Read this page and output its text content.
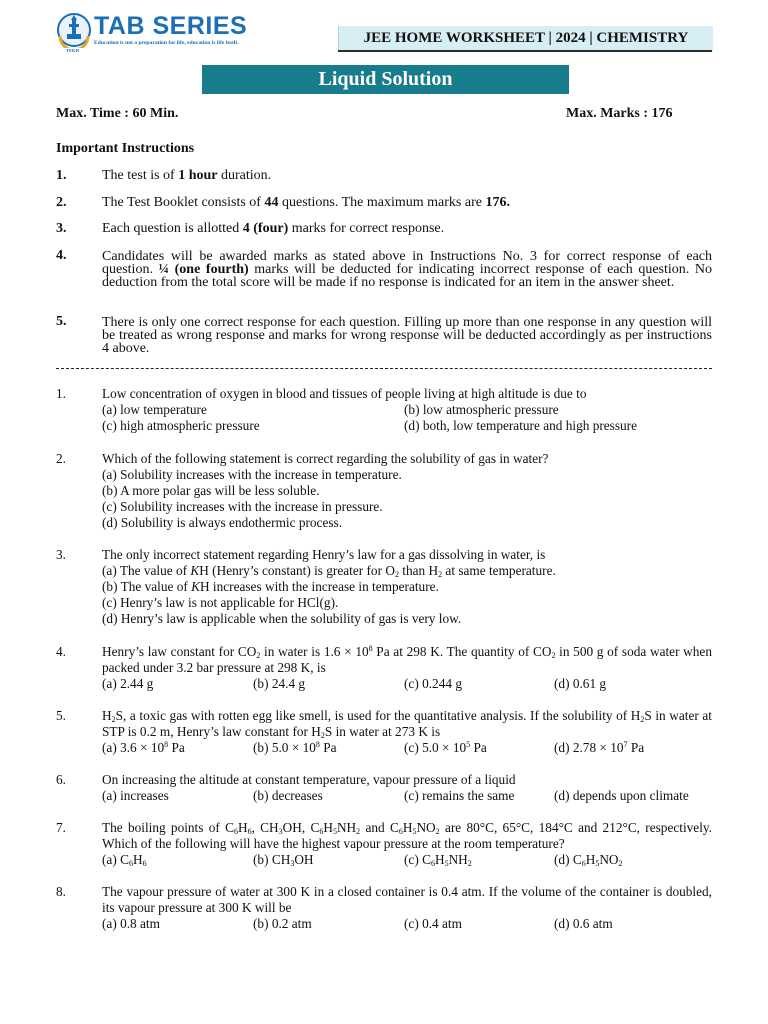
TAB SERIES
Education is not a preparation for life, education is life itself.
TEKH
JEE HOME WORKSHEET | 2024 | CHEMISTRY
Liquid Solution
Max. Time : 60 Min.	Max. Marks : 176
Important Instructions
1.	The test is of 1 hour duration.
2.	The Test Booklet consists of 44 questions. The maximum marks are 176.
3.	Each question is allotted 4 (four) marks for correct response.
4.	Candidates will be awarded marks as stated above in Instructions No. 3 for correct response of each question. ¼ (one fourth) marks will be deducted for indicating incorrect response of each question. No deduction from the total score will be made if no response is indicated for an item in the answer sheet.
5.	There is only one correct response for each question. Filling up more than one response in any question will be treated as wrong response and marks for wrong response will be deducted accordingly as per instructions 4 above.
1.	Low concentration of oxygen in blood and tissues of people living at high altitude is due to
(a) low temperature	(b) low atmospheric pressure
(c) high atmospheric pressure	(d) both, low temperature and high pressure
2.	Which of the following statement is correct regarding the solubility of gas in water?
(a) Solubility increases with the increase in temperature.
(b) A more polar gas will be less soluble.
(c) Solubility increases with the increase in pressure.
(d) Solubility is always endothermic process.
3.	The only incorrect statement regarding Henry’s law for a gas dissolving in water, is
(a) The value of KH (Henry’s constant) is greater for $O_2$ than $H_2$ at same temperature.
(b) The value of KH increases with the increase in temperature.
(c) Henry’s law is not applicable for HCl(g).
(d) Henry’s law is applicable when the solubility of gas is very low.
4.	Henry’s law constant for $CO_2$ in water is $1.6 \times 10^8$ Pa at 298 K. The quantity of $CO_2$ in 500 g of soda water when packed under 3.2 bar pressure at 298 K, is
(a) 2.44 g	(b) 24.4 g	(c) 0.244 g	(d) 0.61 g
5.	$H_2S$, a toxic gas with rotten egg like smell, is used for the quantitative analysis. If the solubility of $H_2S$ in water at STP is 0.2 m, Henry’s law constant for $H_2S$ in water at 273 K is
(a) $3.6 \times 10^8$ Pa	(b) $5.0 \times 10^8$ Pa	(c) $5.0 \times 10^5$ Pa	(d) $2.78 \times 10^7$ Pa
6.	On increasing the altitude at constant temperature, vapour pressure of a liquid
(a) increases	(b) decreases	(c) remains the same	(d) depends upon climate
7.	The boiling points of $C_6H_6$, $CH_3OH$, $C_6H_5NH_2$ and $C_6H_5NO_2$ are 80°C, 65°C, 184°C and 212°C, respectively. Which of the following will have the highest vapour pressure at the room temperature?
(a) $C_6H_6$	(b) $CH_3OH$	(c) $C_6H_5NH_2$	(d) $C_6H_5NO_2$
8.	The vapour pressure of water at 300 K in a closed container is 0.4 atm. If the volume of the container is doubled, its vapour pressure at 300 K will be
(a) 0.8 atm	(b) 0.2 atm	(c) 0.4 atm	(d) 0.6 atm
